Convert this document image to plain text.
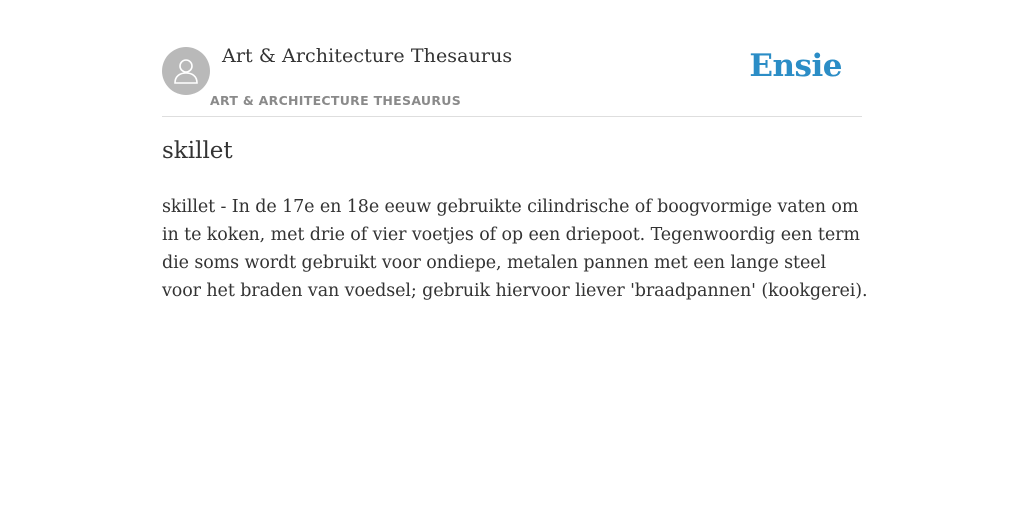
Art & Architecture Thesaurus
ART & ARCHITECTURE THESAURUS
Ensie
skillet
skillet - In de 17e en 18e eeuw gebruikte cilindrische of boogvormige vaten om in te koken, met drie of vier voetjes of op een driepoot. Tegenwoordig een term die soms wordt gebruikt voor ondiepe, metalen pannen met een lange steel voor het braden van voedsel; gebruik hiervoor liever 'braadpannen' (kookgerei).
